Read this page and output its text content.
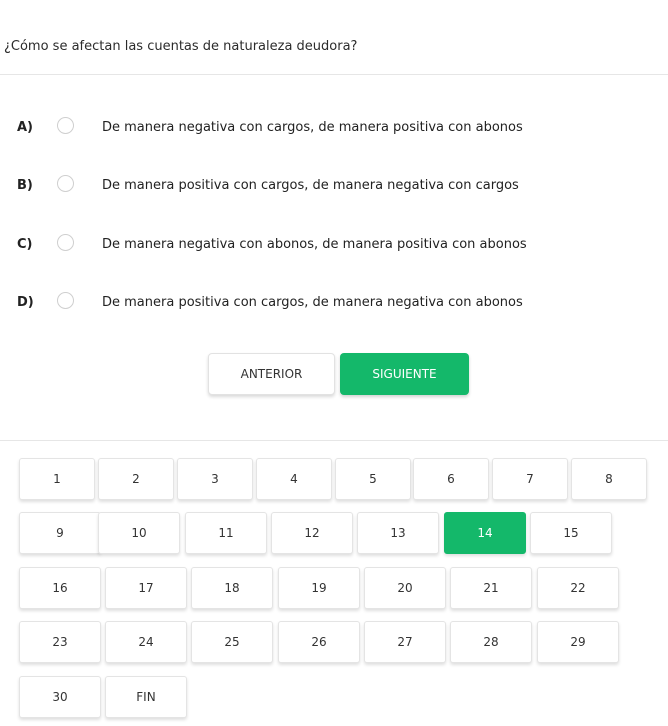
¿Cómo se afectan las cuentas de naturaleza deudora?
A)	De manera negativa con cargos, de manera positiva con abonos
B)	De manera positiva con cargos, de manera negativa con cargos
C)	De manera negativa con abonos, de manera positiva con abonos
D)	De manera positiva con cargos, de manera negativa con abonos
ANTERIOR	SIGUIENTE
1	2	3	4	5	6	7	8
9	10	11	12	13	14	15
16	17	18	19	20	21	22
23	24	25	26	27	28	29
30	FIN
